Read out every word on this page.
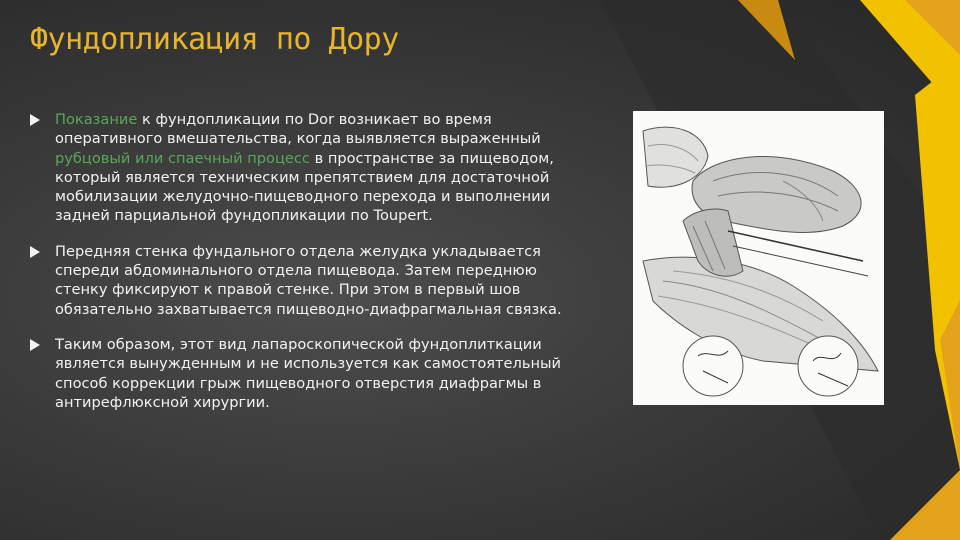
Фундопликация по Дору
Показание к фундопликации по Dor возникает во время оперативного вмешательства, когда выявляется выраженный рубцовый или спаечный процесс в пространстве за пищеводом, который является техническим препятствием для достаточной мобилизации желудочно-пищеводного перехода и выполнении задней парциальной фундопликации по Toupert.
Передняя стенка фундального отдела желудка укладывается спереди абдоминального отдела пищевода. Затем переднюю стенку фиксируют к правой стенке. При этом в первый шов обязательно захватывается пищеводно-диафрагмальная связка.
Таким образом, этот вид лапароскопической фундоплиткации является вынужденным и не используется как самостоятельный способ коррекции грыж пищеводного отверстия диафрагмы в антирефлюксной хирургии.
